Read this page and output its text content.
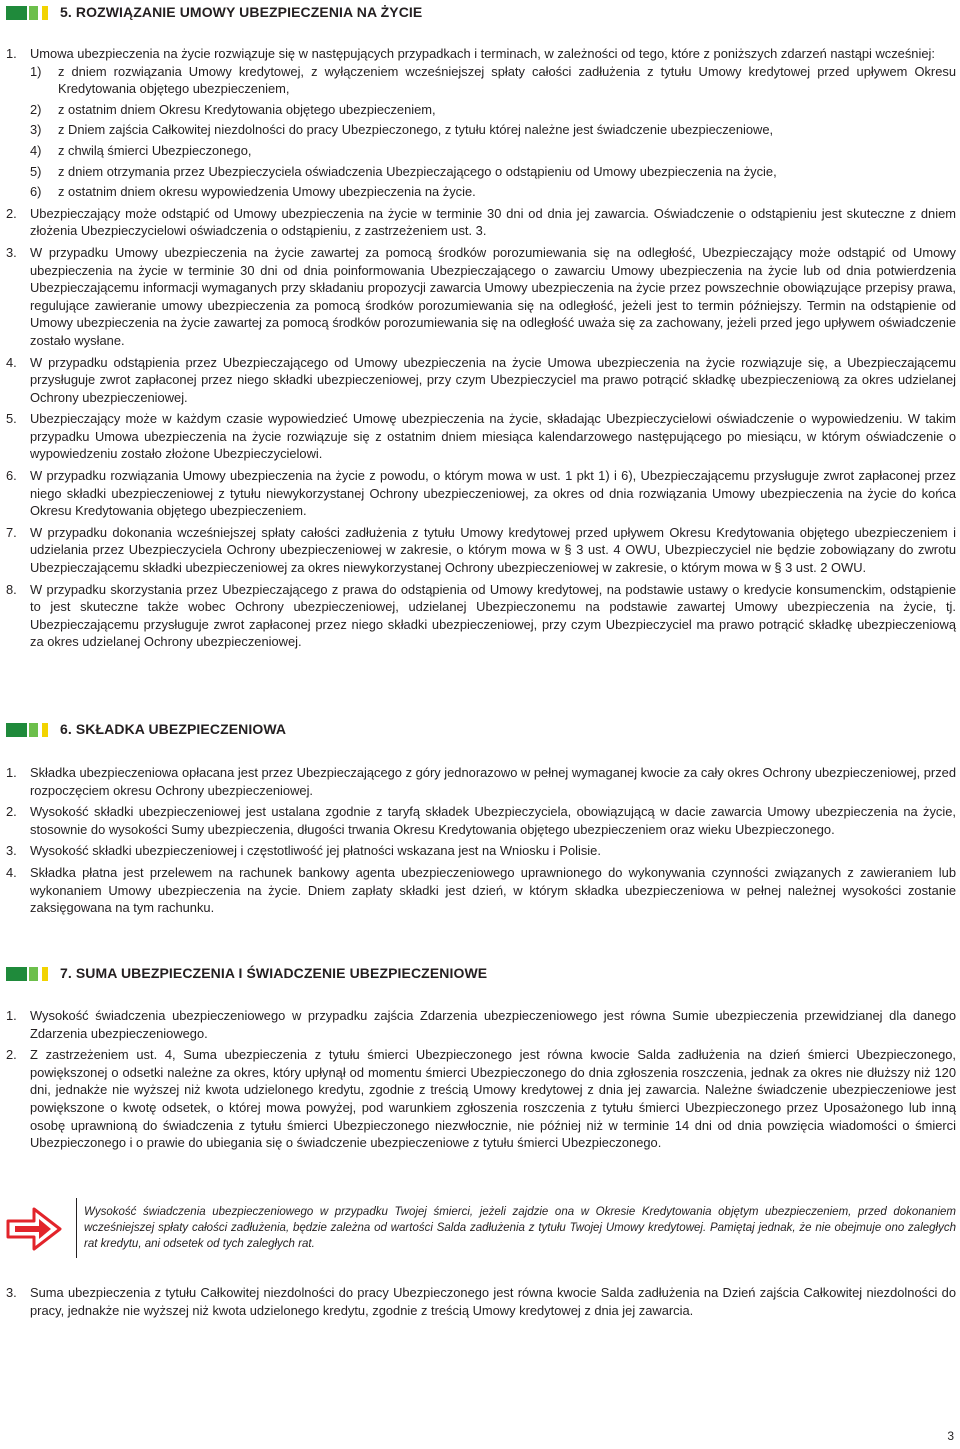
5. ROZWIĄZANIE UMOWY UBEZPIECZENIA NA ŻYCIE
1. Umowa ubezpieczenia na życie rozwiązuje się w następujących przypadkach i terminach, w zależności od tego, które z poniższych zdarzeń nastąpi wcześniej:
1) z dniem rozwiązania Umowy kredytowej, z wyłączeniem wcześniejszej spłaty całości zadłużenia z tytułu Umowy kredytowej przed upływem Okresu Kredytowania objętego ubezpieczeniem,
2) z ostatnim dniem Okresu Kredytowania objętego ubezpieczeniem,
3) z Dniem zajścia Całkowitej niezdolności do pracy Ubezpieczonego, z tytułu której należne jest świadczenie ubezpieczeniowe,
4) z chwilą śmierci Ubezpieczonego,
5) z dniem otrzymania przez Ubezpieczyciela oświadczenia Ubezpieczającego o odstąpieniu od Umowy ubezpieczenia na życie,
6) z ostatnim dniem okresu wypowiedzenia Umowy ubezpieczenia na życie.
2. Ubezpieczający może odstąpić od Umowy ubezpieczenia na życie w terminie 30 dni od dnia jej zawarcia. Oświadczenie o odstąpieniu jest skuteczne z dniem złożenia Ubezpieczycielowi oświadczenia o odstąpieniu, z zastrzeżeniem ust. 3.
3. W przypadku Umowy ubezpieczenia na życie zawartej za pomocą środków porozumiewania się na odległość, Ubezpieczający może odstąpić od Umowy ubezpieczenia na życie w terminie 30 dni od dnia poinformowania Ubezpieczającego o zawarciu Umowy ubezpieczenia na życie lub od dnia potwierdzenia Ubezpieczającemu informacji wymaganych przy składaniu propozycji zawarcia Umowy ubezpieczenia na życie przez powszechnie obowiązujące przepisy prawa, regulujące zawieranie umowy ubezpieczenia za pomocą środków porozumiewania się na odległość, jeżeli jest to termin późniejszy. Termin na odstąpienie od Umowy ubezpieczenia na życie zawartej za pomocą środków porozumiewania się na odległość uważa się za zachowany, jeżeli przed jego upływem oświadczenie zostało wysłane.
4. W przypadku odstąpienia przez Ubezpieczającego od Umowy ubezpieczenia na życie Umowa ubezpieczenia na życie rozwiązuje się, a Ubezpieczającemu przysługuje zwrot zapłaconej przez niego składki ubezpieczeniowej, przy czym Ubezpieczyciel ma prawo potrącić składkę ubezpieczeniową za okres udzielanej Ochrony ubezpieczeniowej.
5. Ubezpieczający może w każdym czasie wypowiedzieć Umowę ubezpieczenia na życie, składając Ubezpieczycielowi oświadczenie o wypowiedzeniu. W takim przypadku Umowa ubezpieczenia na życie rozwiązuje się z ostatnim dniem miesiąca kalendarzowego następującego po miesiącu, w którym oświadczenie o wypowiedzeniu zostało złożone Ubezpieczycielowi.
6. W przypadku rozwiązania Umowy ubezpieczenia na życie z powodu, o którym mowa w ust. 1 pkt 1) i 6), Ubezpieczającemu przysługuje zwrot zapłaconej przez niego składki ubezpieczeniowej z tytułu niewykorzystanej Ochrony ubezpieczeniowej, za okres od dnia rozwiązania Umowy ubezpieczenia na życie do końca Okresu Kredytowania objętego ubezpieczeniem.
7. W przypadku dokonania wcześniejszej spłaty całości zadłużenia z tytułu Umowy kredytowej przed upływem Okresu Kredytowania objętego ubezpieczeniem i udzielania przez Ubezpieczyciela Ochrony ubezpieczeniowej w zakresie, o którym mowa w § 3 ust. 4 OWU, Ubezpieczyciel nie będzie zobowiązany do zwrotu Ubezpieczającemu składki ubezpieczeniowej za okres niewykorzystanej Ochrony ubezpieczeniowej w zakresie, o którym mowa w § 3 ust. 2 OWU.
8. W przypadku skorzystania przez Ubezpieczającego z prawa do odstąpienia od Umowy kredytowej, na podstawie ustawy o kredycie konsumenckim, odstąpienie to jest skuteczne także wobec Ochrony ubezpieczeniowej, udzielanej Ubezpieczonemu na podstawie zawartej Umowy ubezpieczenia na życie, tj. Ubezpieczającemu przysługuje zwrot zapłaconej przez niego składki ubezpieczeniowej, przy czym Ubezpieczyciel ma prawo potrącić składkę ubezpieczeniową za okres udzielanej Ochrony ubezpieczeniowej.
6. SKŁADKA UBEZPIECZENIOWA
1. Składka ubezpieczeniowa opłacana jest przez Ubezpieczającego z góry jednorazowo w pełnej wymaganej kwocie za cały okres Ochrony ubezpieczeniowej, przed rozpoczęciem okresu Ochrony ubezpieczeniowej.
2. Wysokość składki ubezpieczeniowej jest ustalana zgodnie z taryfą składek Ubezpieczyciela, obowiązującą w dacie zawarcia Umowy ubezpieczenia na życie, stosownie do wysokości Sumy ubezpieczenia, długości trwania Okresu Kredytowania objętego ubezpieczeniem oraz wieku Ubezpieczonego.
3. Wysokość składki ubezpieczeniowej i częstotliwość jej płatności wskazana jest na Wniosku i Polisie.
4. Składka płatna jest przelewem na rachunek bankowy agenta ubezpieczeniowego uprawnionego do wykonywania czynności związanych z zawieraniem lub wykonaniem Umowy ubezpieczenia na życie. Dniem zapłaty składki jest dzień, w którym składka ubezpieczeniowa w pełnej należnej wysokości zostanie zaksięgowana na tym rachunku.
7. SUMA UBEZPIECZENIA I ŚWIADCZENIE UBEZPIECZENIOWE
1. Wysokość świadczenia ubezpieczeniowego w przypadku zajścia Zdarzenia ubezpieczeniowego jest równa Sumie ubezpieczenia przewidzianej dla danego Zdarzenia ubezpieczeniowego.
2. Z zastrzeżeniem ust. 4, Suma ubezpieczenia z tytułu śmierci Ubezpieczonego jest równa kwocie Salda zadłużenia na dzień śmierci Ubezpieczonego, powiększonej o odsetki należne za okres, który upłynął od momentu śmierci Ubezpieczonego do dnia zgłoszenia roszczenia, jednak za okres nie dłuższy niż 120 dni, jednakże nie wyższej niż kwota udzielonego kredytu, zgodnie z treścią Umowy kredytowej z dnia jej zawarcia. Należne świadczenie ubezpieczeniowe jest powiększone o kwotę odsetek, o której mowa powyżej, pod warunkiem zgłoszenia roszczenia z tytułu śmierci Ubezpieczonego przez Uposażonego lub inną osobę uprawnioną do świadczenia z tytułu śmierci Ubezpieczonego niezwłocznie, nie później niż w terminie 14 dni od dnia powzięcia wiadomości o śmierci Ubezpieczonego i o prawie do ubiegania się o świadczenie ubezpieczeniowe z tytułu śmierci Ubezpieczonego.
Wysokość świadczenia ubezpieczeniowego w przypadku Twojej śmierci, jeżeli zajdzie ona w Okresie Kredytowania objętym ubezpieczeniem, przed dokonaniem wcześniejszej spłaty całości zadłużenia, będzie zależna od wartości Salda zadłużenia z tytułu Twojej Umowy kredytowej. Pamiętaj jednak, że nie obejmuje ono zaległych rat kredytu, ani odsetek od tych zaległych rat.
3. Suma ubezpieczenia z tytułu Całkowitej niezdolności do pracy Ubezpieczonego jest równa kwocie Salda zadłużenia na Dzień zajścia Całkowitej niezdolności do pracy, jednakże nie wyższej niż kwota udzielonego kredytu, zgodnie z treścią Umowy kredytowej z dnia jej zawarcia.
3
